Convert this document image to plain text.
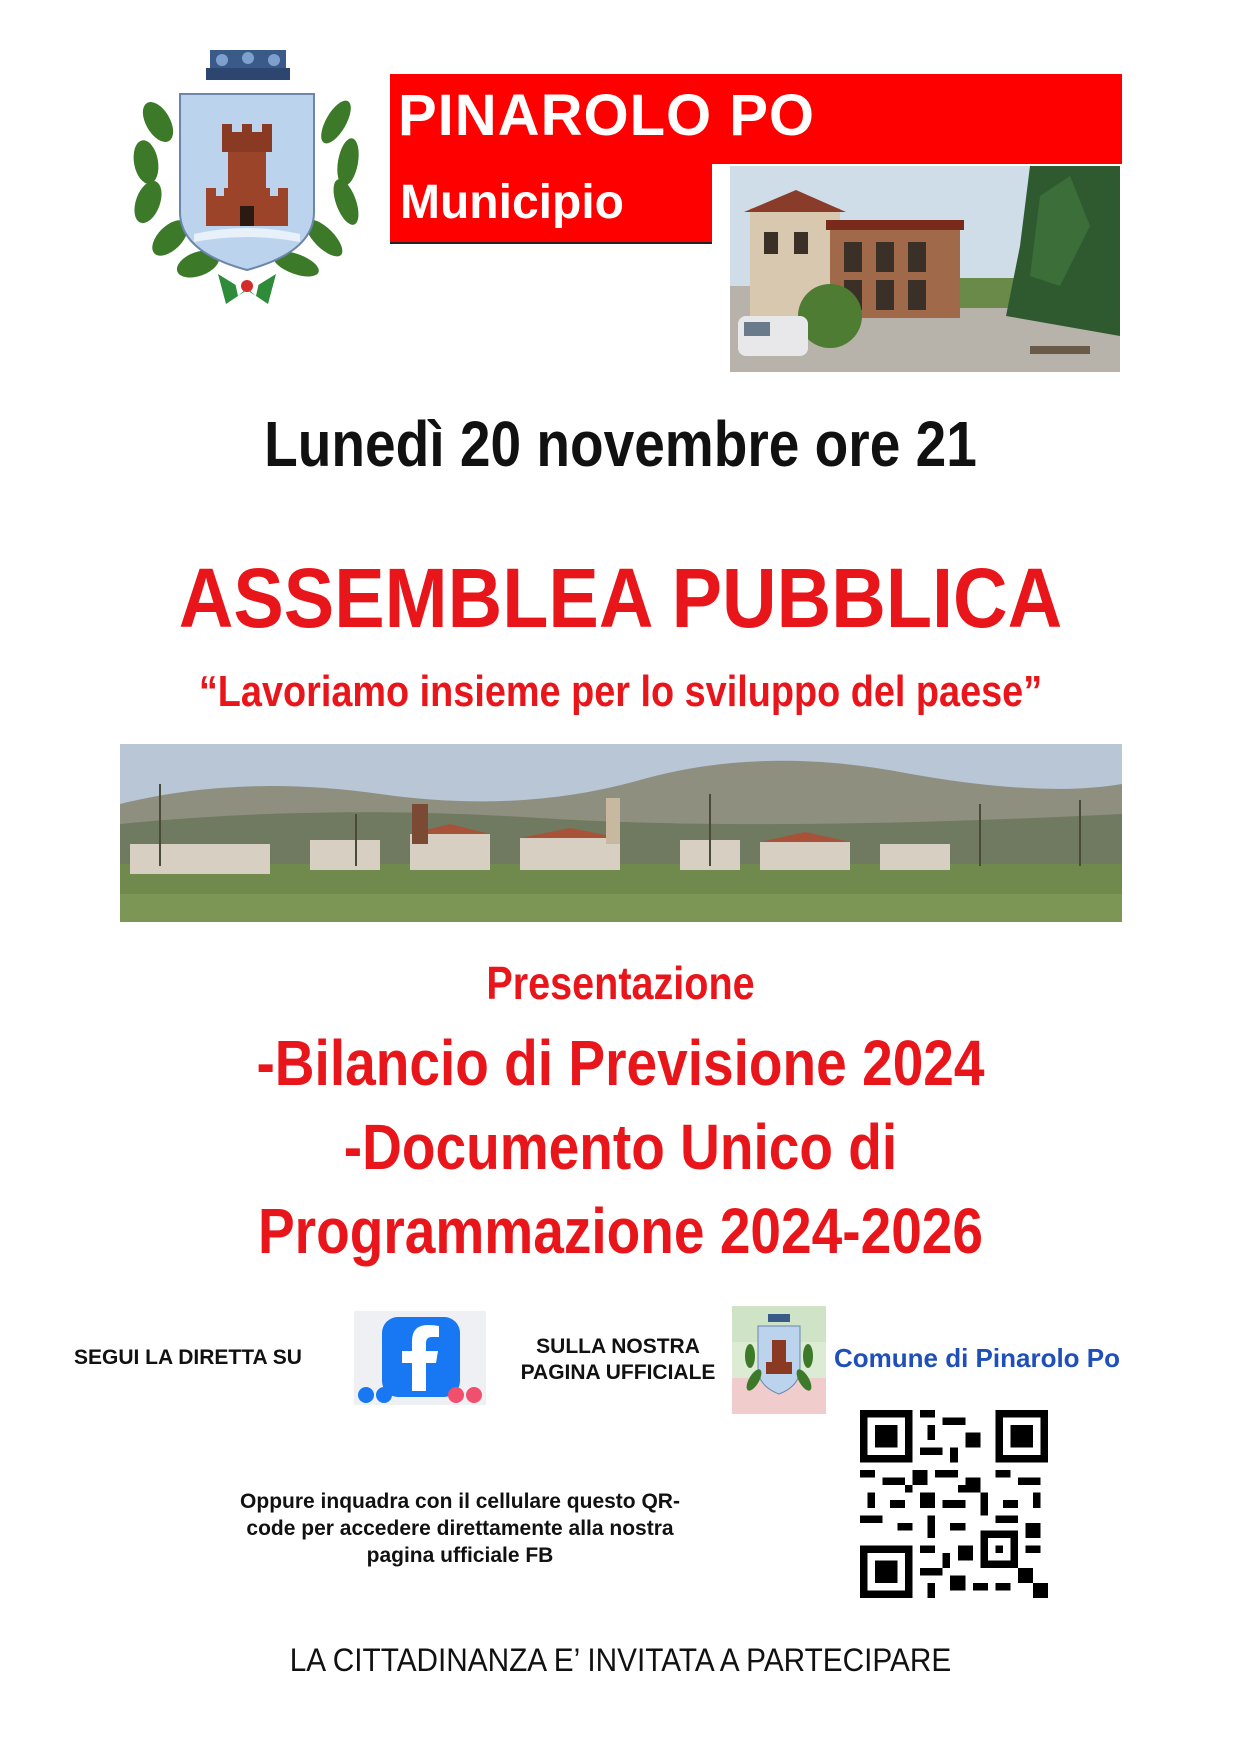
PINAROLO PO
Municipio
Lunedì 20 novembre ore 21
ASSEMBLEA PUBBLICA
“Lavoriamo insieme per lo sviluppo del paese”
Presentazione
-Bilancio di Previsione 2024
-Documento Unico di
Programmazione 2024-2026
SEGUI LA DIRETTA SU	SULLA NOSTRA
PAGINA UFFICIALE	Comune di Pinarolo Po
Oppure inquadra con il cellulare questo QR-
code per accedere direttamente alla nostra
pagina ufficiale FB
LA CITTADINANZA E’ INVITATA A PARTECIPARE
